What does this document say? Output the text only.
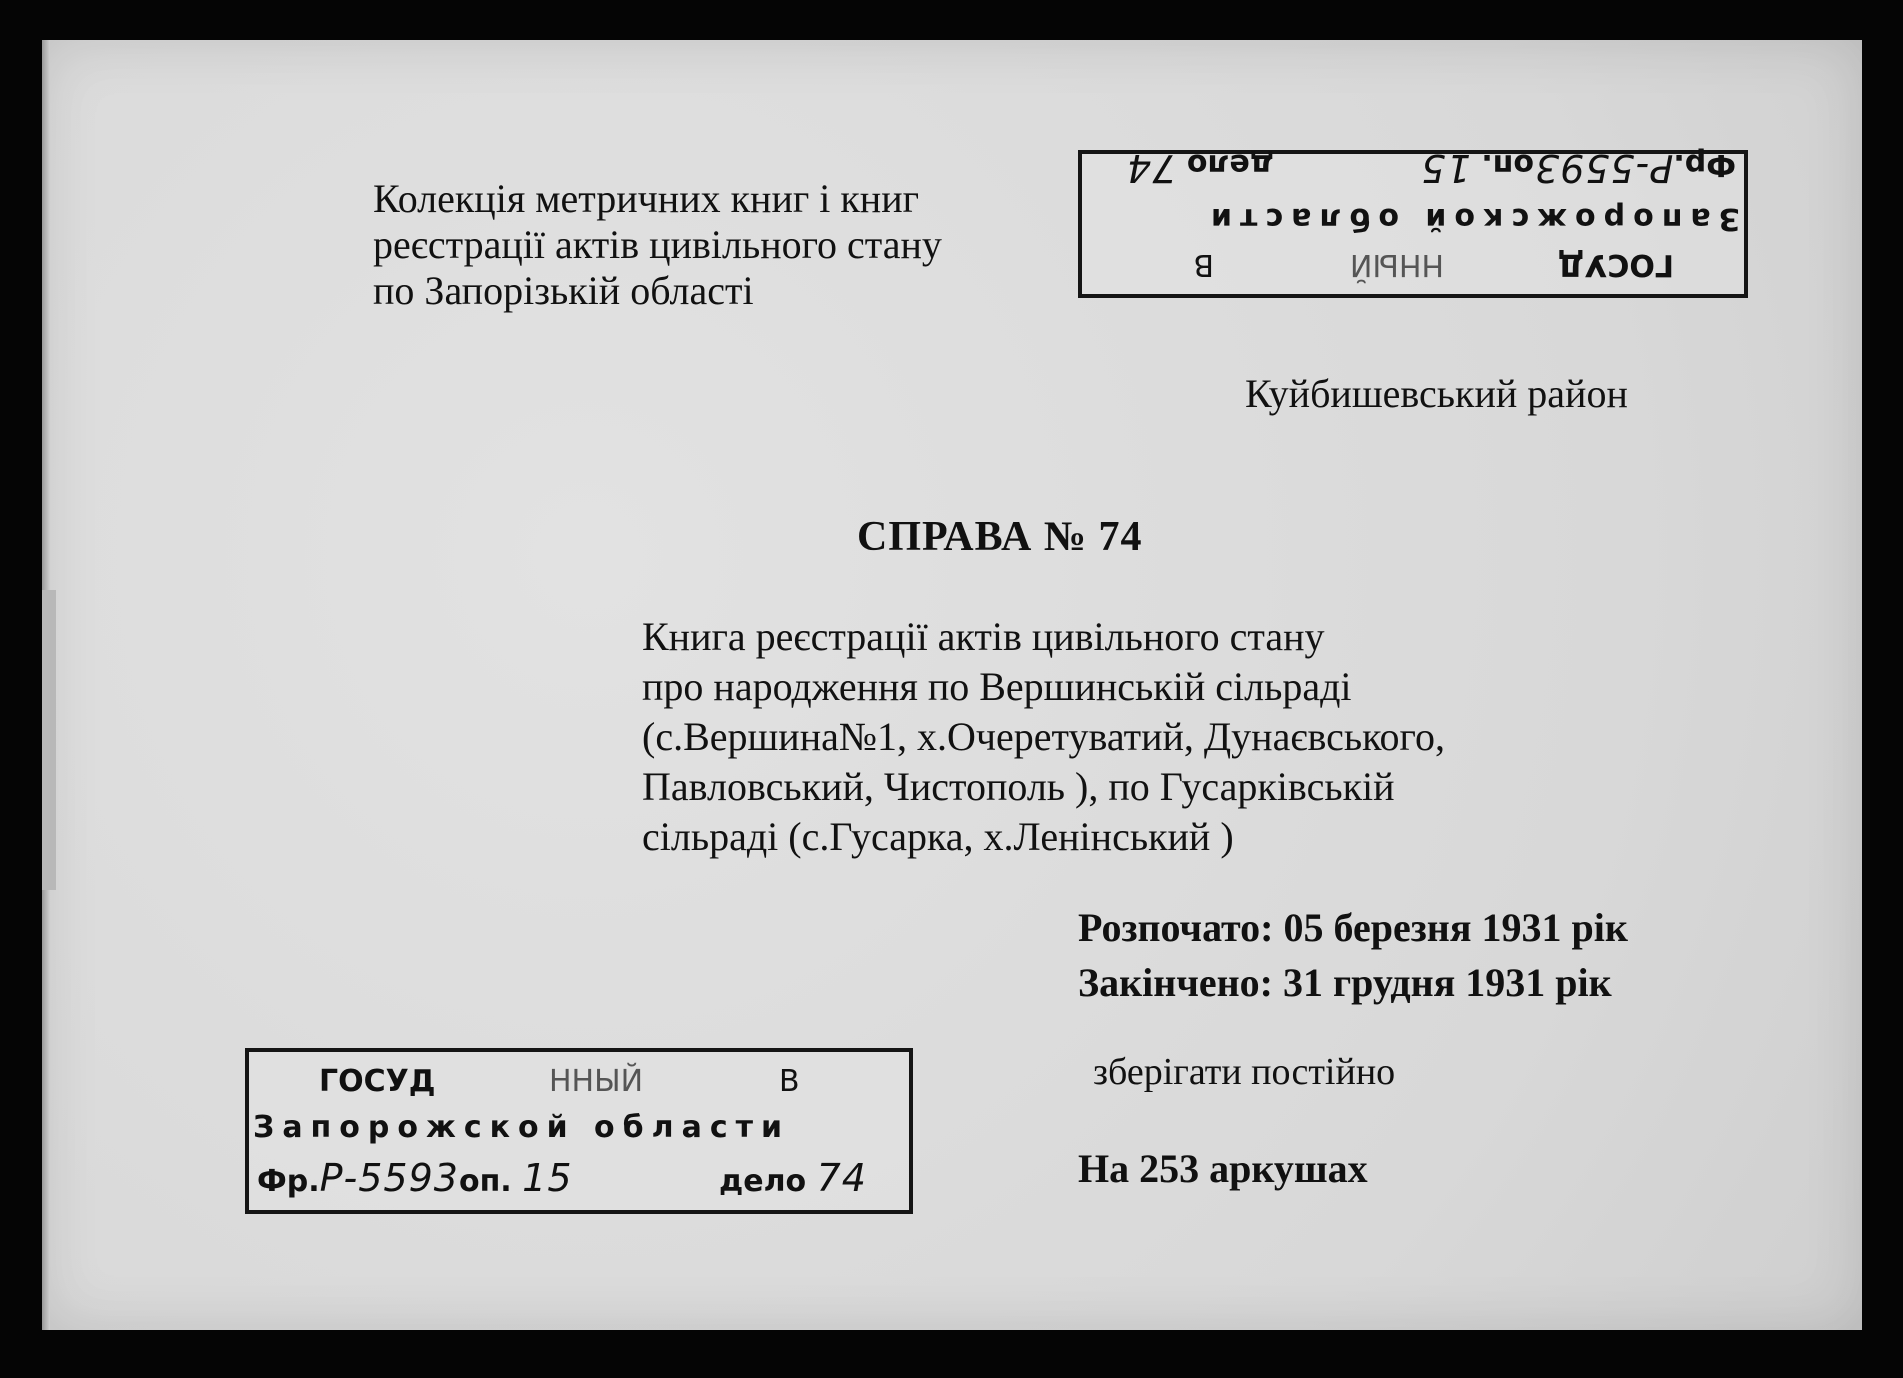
Колекція метричних книг і книг
реєстрації актів цивільного стану
по Запорізькій області
ГОСУД
ННЫЙ
В
Запорожской области
Фр.Р-5593оп. 15
дело 74
Куйбишевський район
СПРАВА № 74
Книга реєстрації актів цивільного стану
про народження по Вершинській сільраді
(с.Вершина№1, х.Очеретуватий, Дунаєвського,
Павловський, Чистополь ), по Гусарківській
сільраді (с.Гусарка, х.Ленінський )
Розпочато: 05 березня 1931 рік
Закінчено: 31 грудня 1931 рік
зберігати постійно
ГОСУД	ННЫЙ	В
Запорожской области
Фр.Р-5593оп. 15	дело 74	На 253 аркушах
